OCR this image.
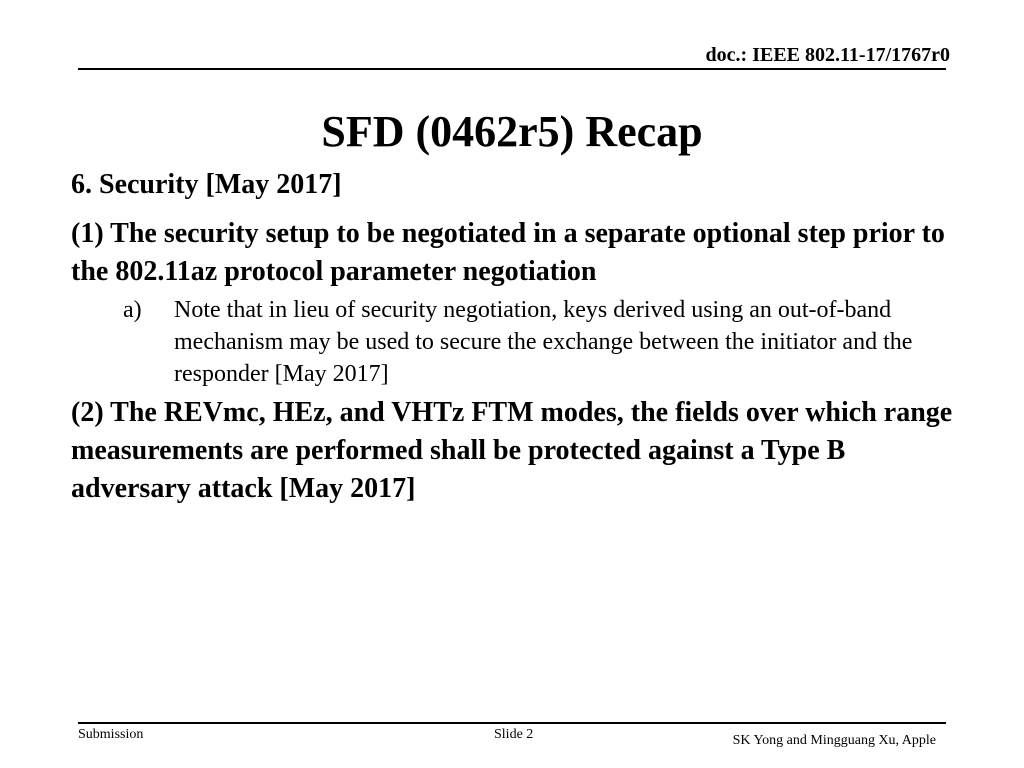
doc.: IEEE 802.11-17/1767r0
SFD (0462r5) Recap

6. Security [May 2017]

(1) The security setup to be negotiated in a separate optional step prior to the 802.11az protocol parameter negotiation

a) Note that in lieu of security negotiation, keys derived using an out-of-band mechanism may be used to secure the exchange between the initiator and the responder [May 2017]

(2) The REVmc, HEz, and VHTz FTM modes, the fields over which range measurements are performed shall be protected against a Type B adversary attack [May 2017]

Submission	Slide 2	SK Yong and Mingguang Xu, Apple
